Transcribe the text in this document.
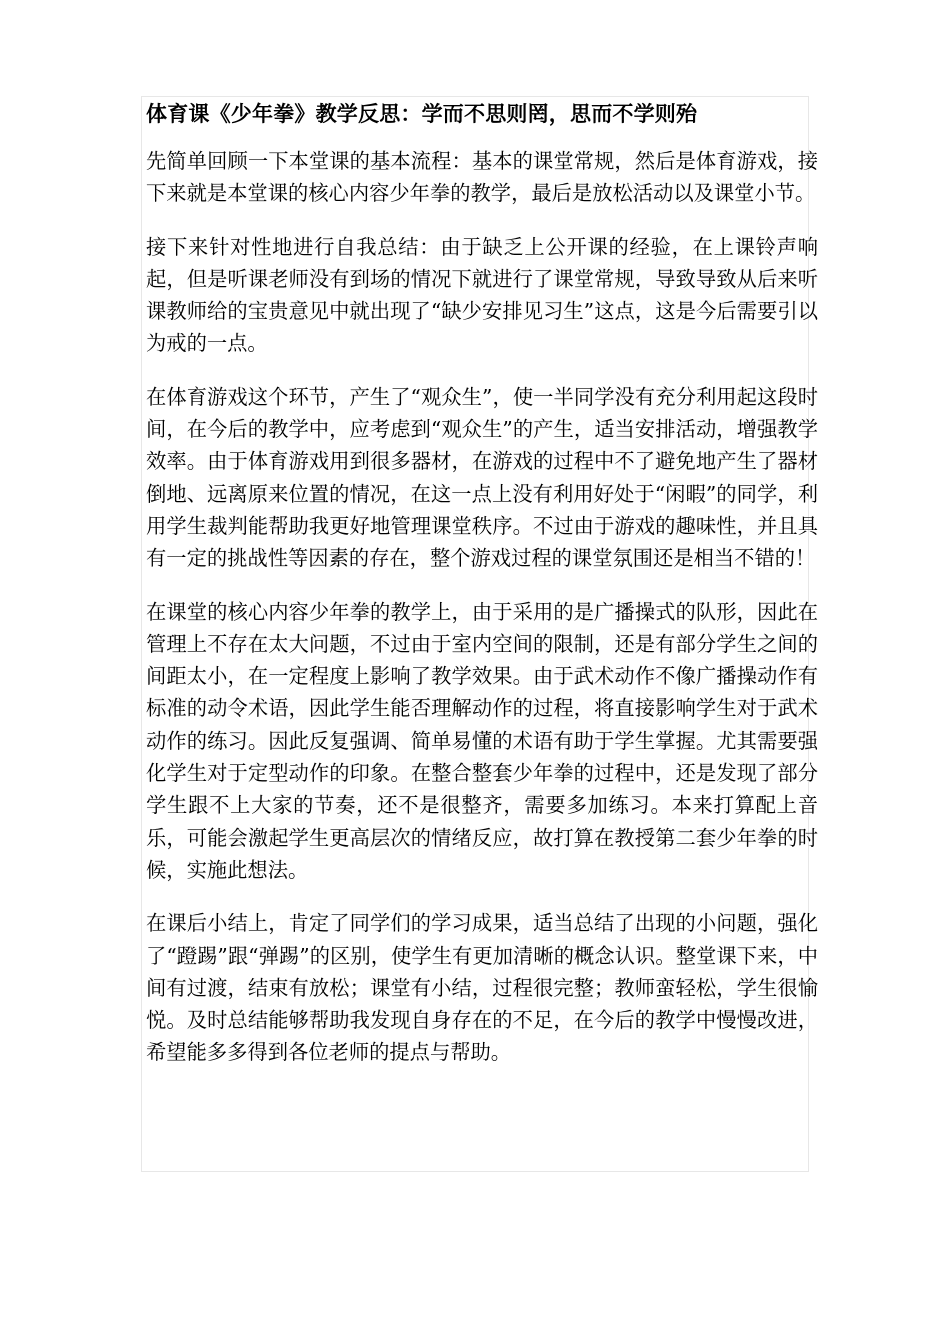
体育课《少年拳》教学反思：学而不思则罔，思而不学则殆

先简单回顾一下本堂课的基本流程：基本的课堂常规，然后是体育游戏，接下来就是本堂课的核心内容少年拳的教学，最后是放松活动以及课堂小节。

接下来针对性地进行自我总结：由于缺乏上公开课的经验，在上课铃声响起，但是听课老师没有到场的情况下就进行了课堂常规，导致导致从后来听课教师给的宝贵意见中就出现了“缺少安排见习生”这点，这是今后需要引以为戒的一点。

在体育游戏这个环节，产生了“观众生”，使一半同学没有充分利用起这段时间，在今后的教学中，应考虑到“观众生”的产生，适当安排活动，增强教学效率。由于体育游戏用到很多器材，在游戏的过程中不了避免地产生了器材倒地、远离原来位置的情况，在这一点上没有利用好处于“闲暇”的同学，利用学生裁判能帮助我更好地管理课堂秩序。不过由于游戏的趣味性，并且具有一定的挑战性等因素的存在，整个游戏过程的课堂氛围还是相当不错的！

在课堂的核心内容少年拳的教学上，由于采用的是广播操式的队形，因此在管理上不存在太大问题，不过由于室内空间的限制，还是有部分学生之间的间距太小，在一定程度上影响了教学效果。由于武术动作不像广播操动作有标准的动令术语，因此学生能否理解动作的过程，将直接影响学生对于武术动作的练习。因此反复强调、简单易懂的术语有助于学生掌握。尤其需要强化学生对于定型动作的印象。在整合整套少年拳的过程中，还是发现了部分学生跟不上大家的节奏，还不是很整齐，需要多加练习。本来打算配上音乐，可能会激起学生更高层次的情绪反应，故打算在教授第二套少年拳的时候，实施此想法。

在课后小结上，肯定了同学们的学习成果，适当总结了出现的小问题，强化了“蹬踢”跟“弹踢”的区别，使学生有更加清晰的概念认识。整堂课下来，中间有过渡，结束有放松；课堂有小结，过程很完整；教师蛮轻松，学生很愉悦。及时总结能够帮助我发现自身存在的不足，在今后的教学中慢慢改进，希望能多多得到各位老师的提点与帮助。
